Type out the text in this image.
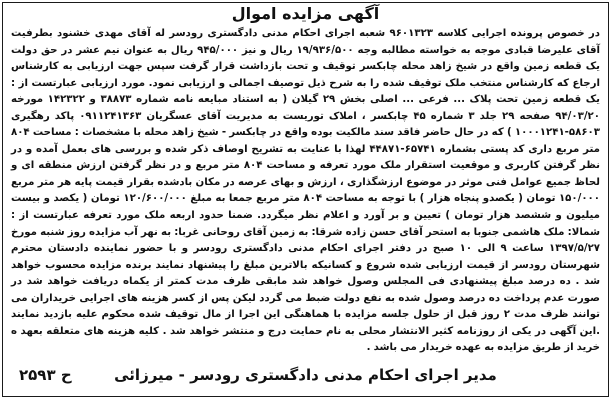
آگهی مزایده اموال
در خصوص پرونده اجرایی کلاسه ۹۶۰۱۳۲۳ شعبه اجرای احکام مدنی دادگستری رودسر له آقای مهدی خشنود بطرفیت آقای علیرضا قبادی موجه به خواسته مطالبه وجه ۱۹/۹۳۶/۵۰۰ ریال و نیز ۹۴۵/۰۰۰ ریال به عنوان نیم عشر در حق دولت یک قطعه زمین واقع در شیخ زاهد محله چابکسر توقیف و تحت بازداشت قرار گرفت سپس جهت ارزیابی به کارشناس ارجاع که کارشناس منتخب ملک توقیف شده را به شرح ذیل توصیف اجمالی و ارزیابی نمود. مورد ارزیابی عبارتست از : یک قطعه زمین تحت پلاک ... فرعی ... اصلی بخش ۲۹ گیلان ( به استناد مبایعه نامه شماره ۳۸۸۷۳ و ۱۴۲۳۲۲ مورخه ۹۴/۰۳/۲۰ صفحه ۲۹ جلد ۳ شماره ۴۵ چابکسر ، املاک توریست به مدیریت آقای عسگریان ۰۹۱۱۲۴۱۳۶۳ پاکد رهگیری ۵۸۶۰۳-۱۰۰۰۱۲۴۱ ) که در حال حاضر فاقد سند مالکیت بوده واقع در چابکسر - شیخ زاهد محله با مشخصات : مساحت ۸۰۴ متر مربع داری کد پستی بشماره ۶۵۷۴۱-۴۴۸۷۱ لهذا با عنایت به تشریح اوصاف ذکر شده و بررسی های بعمل آمده و در نظر گرفتن کاربری و موقعیت استقرار ملک مورد تعرفه و مساحت ۸۰۴ متر مربع و در نظر گرفتن ارزش منطقه ای و لحاظ جمیع عوامل فنی موثر در موضوع ارزشگذاری ، ارزش و بهای عرصه در مکان بادشده بقرار قیمت پایه هر متر مربع ۱۵۰/۰۰۰ تومان ( یکصدو پنجاه هزار ) با توجه به مساحت ۸۰۴ متر مربع جمعا به مبلغ ۱۲۰/۶۰۰/۰۰۰ تومان ( یکصد و بیست میلیون و ششصد هزار تومان ) تعیین و بر آورد و اعلام نظر میگردد. ضمنا حدود اربعه ملک مورد تعرفه عبارتست از : شمالا: ملک هاشمی جنوبا به استحر آقای حسن زاده شرقا: به زمین آقای روحانی غربا: به نهر آب مزایده روز شنبه مورخ ۱۳۹۷/۵/۲۷ ساعت ۹ الی ۱۰ صبح در دفتر اجرای احکام مدنی دادگستری رودسر و با حضور نماینده دادستان محترم شهرستان رودسر از قیمت ارزیابی شده شروع و کسانیکه بالاترین مبلغ را پیشنهاد نمایند برنده مزایده محسوب خواهد شد . ده درصد مبلغ پیشنهادی فی المجلس وصول خواهد شد مابقی ظرف مدت کمتر از یکماه دریافت خواهد شد در صورت عدم پرداخت ده درصد وصول شده به نفع دولت ضبط می گردد لیکن پس از کسر هزینه های اجرایی خریداران می توانند ظرف مدت ۲ روز قبل از حلول جلسه مزایده با هماهنگی این اجرا از مال توقیف شده محکوم علیه بازدید نمایند .این آگهی در یکی از روزنامه کثیر الانتشار محلی به نام حمایت درج و منتشر خواهد شد . کلیه هزینه های متعلقه بعهد ه خرید از طریق مزایده به عهده خریدار می باشد .
مدیر اجرای احکام مدنی دادگستری رودسر - میرزائی
ح ۲۵۹۳
